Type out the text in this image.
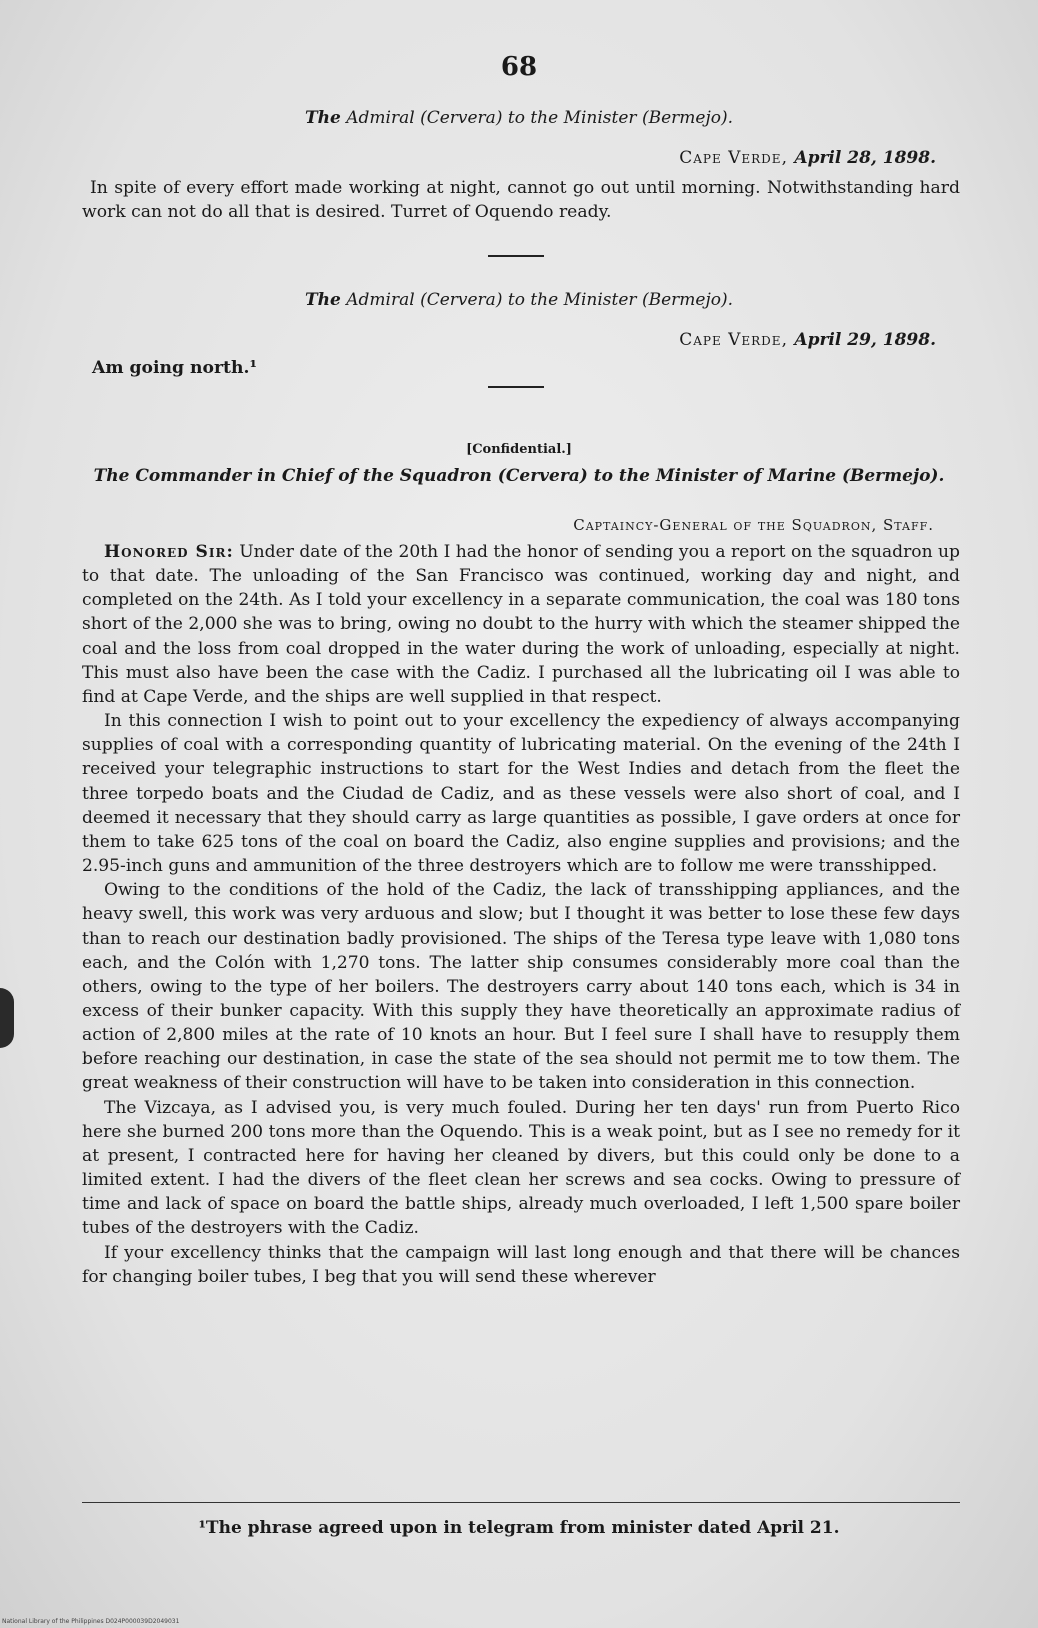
68
The Admiral (Cervera) to the Minister (Bermejo).
Cape Verde, April 28, 1898.
In spite of every effort made working at night, cannot go out until morning. Notwithstanding hard work can not do all that is desired. Turret of Oquendo ready.
The Admiral (Cervera) to the Minister (Bermejo).
Cape Verde, April 29, 1898.
Am going north.¹
[Confidential.]
The Commander in Chief of the Squadron (Cervera) to the Minister of Marine (Bermejo).
Captaincy-General of the Squadron, Staff.

Honored Sir: Under date of the 20th I had the honor of sending you a report on the squadron up to that date. The unloading of the San Francisco was continued, working day and night, and completed on the 24th. As I told your excellency in a separate communication, the coal was 180 tons short of the 2,000 she was to bring, owing no doubt to the hurry with which the steamer shipped the coal and the loss from coal dropped in the water during the work of unloading, especially at night. This must also have been the case with the Cadiz. I purchased all the lubricating oil I was able to find at Cape Verde, and the ships are well supplied in that respect.

In this connection I wish to point out to your excellency the expediency of always accompanying supplies of coal with a corresponding quantity of lubricating material. On the evening of the 24th I received your telegraphic instructions to start for the West Indies and detach from the fleet the three torpedo boats and the Ciudad de Cadiz, and as these vessels were also short of coal, and I deemed it necessary that they should carry as large quantities as possible, I gave orders at once for them to take 625 tons of the coal on board the Cadiz, also engine supplies and provisions; and the 2.95-inch guns and ammunition of the three destroyers which are to follow me were transshipped.

Owing to the conditions of the hold of the Cadiz, the lack of transshipping appliances, and the heavy swell, this work was very arduous and slow; but I thought it was better to lose these few days than to reach our destination badly provisioned. The ships of the Teresa type leave with 1,080 tons each, and the Colón with 1,270 tons. The latter ship consumes considerably more coal than the others, owing to the type of her boilers. The destroyers carry about 140 tons each, which is 34 in excess of their bunker capacity. With this supply they have theoretically an approximate radius of action of 2,800 miles at the rate of 10 knots an hour. But I feel sure I shall have to resupply them before reaching our destination, in case the state of the sea should not permit me to tow them. The great weakness of their construction will have to be taken into consideration in this connection.

The Vizcaya, as I advised you, is very much fouled. During her ten days' run from Puerto Rico here she burned 200 tons more than the Oquendo. This is a weak point, but as I see no remedy for it at present, I contracted here for having her cleaned by divers, but this could only be done to a limited extent. I had the divers of the fleet clean her screws and sea cocks. Owing to pressure of time and lack of space on board the battle ships, already much overloaded, I left 1,500 spare boiler tubes of the destroyers with the Cadiz.

If your excellency thinks that the campaign will last long enough and that there will be chances for changing boiler tubes, I beg that you will send these wherever

¹The phrase agreed upon in telegram from minister dated April 21.
National Library of the Philippines D024P000039D2049031
